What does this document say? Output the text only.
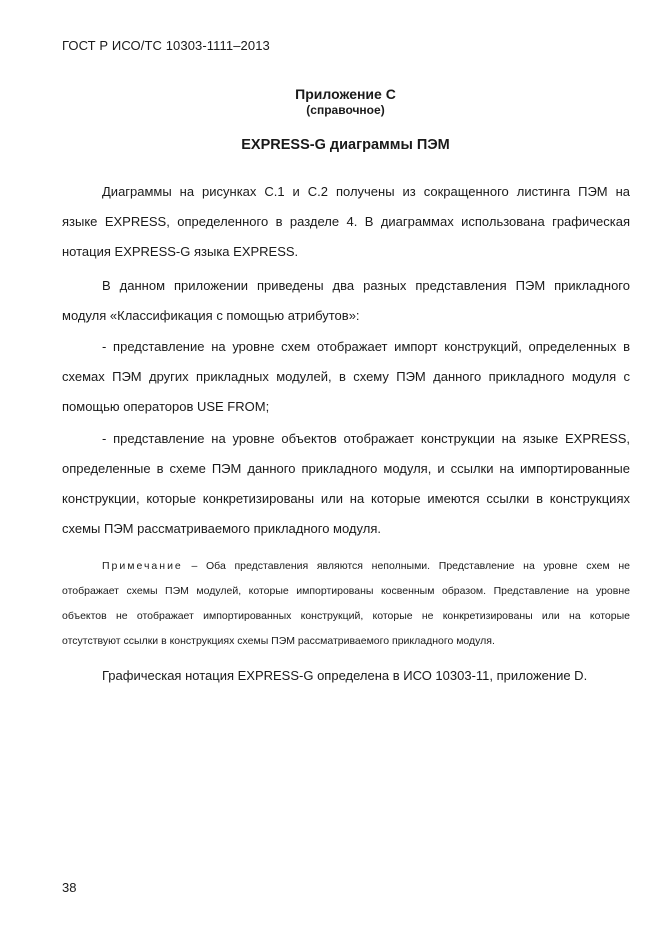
ГОСТ Р ИСО/ТС 10303-1111–2013
Приложение С
(справочное)
EXPRESS-G диаграммы ПЭМ
Диаграммы на рисунках С.1 и С.2 получены из сокращенного листинга ПЭМ на
языке EXPRESS, определенного в разделе 4. В диаграммах использована графическая
нотация EXPRESS-G языка EXPRESS.
В данном приложении приведены два разных представления ПЭМ прикладного
модуля «Классификация с помощью атрибутов»:
- представление на уровне схем отображает импорт конструкций, определенных в
схемах ПЭМ других прикладных модулей, в схему ПЭМ данного прикладного модуля с
помощью операторов USE FROM;
- представление на уровне объектов отображает конструкции на языке EXPRESS,
определенные в схеме ПЭМ данного прикладного модуля, и ссылки на импортированные
конструкции, которые конкретизированы или на которые имеются ссылки в конструкциях
схемы ПЭМ рассматриваемого прикладного модуля.
Примечание – Оба представления являются неполными. Представление на уровне схем не
отображает схемы ПЭМ модулей, которые импортированы косвенным образом. Представление на уровне
объектов не отображает импортированных конструкций, которые не конкретизированы или на которые
отсутствуют ссылки в конструкциях схемы ПЭМ рассматриваемого прикладного модуля.
Графическая нотация EXPRESS-G определена в ИСО 10303-11, приложение D.
38
